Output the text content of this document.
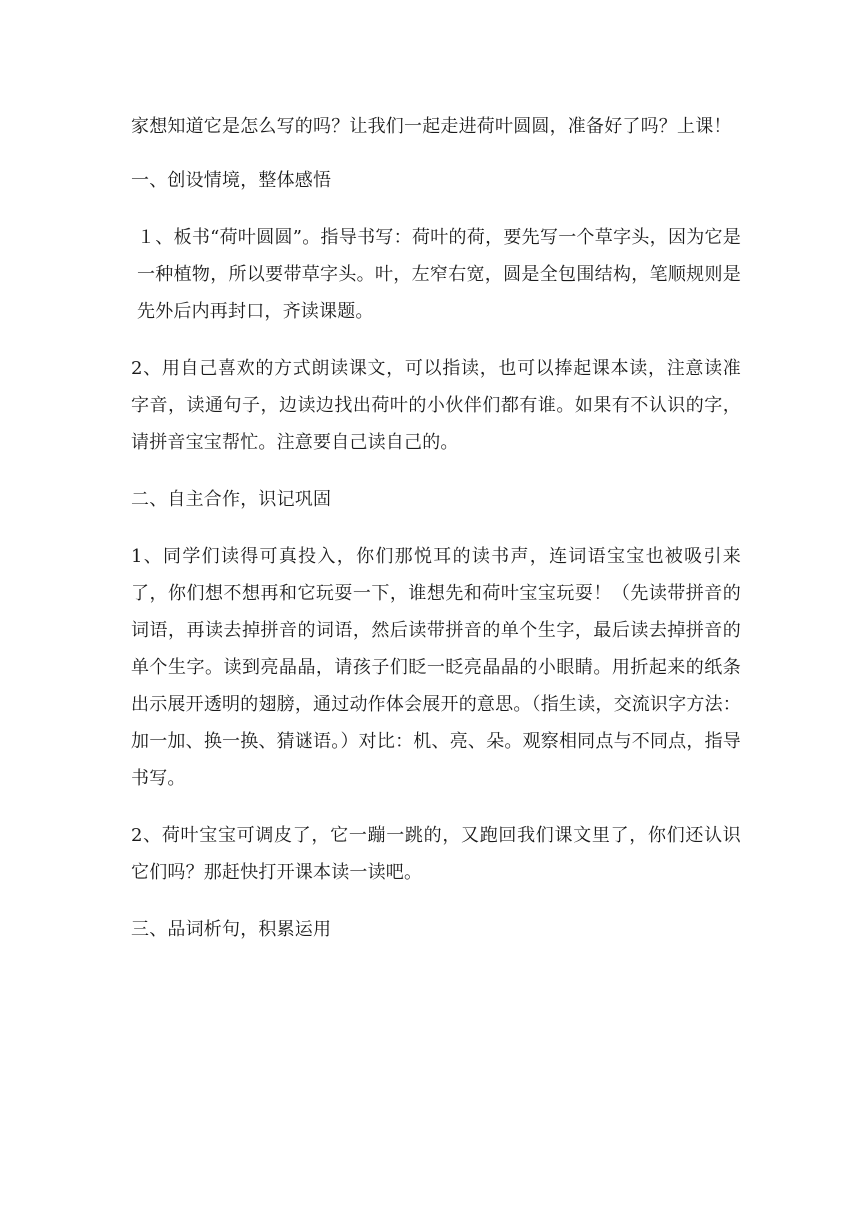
家想知道它是怎么写的吗？让我们一起走进荷叶圆圆，准备好了吗？上课！

一、创设情境，整体感悟

１、板书“荷叶圆圆”。指导书写：荷叶的荷，要先写一个草字头，因为它是一种植物，所以要带草字头。叶，左窄右宽，圆是全包围结构，笔顺规则是先外后内再封口，齐读课题。

2、用自己喜欢的方式朗读课文，可以指读，也可以捧起课本读，注意读准字音，读通句子，边读边找出荷叶的小伙伴们都有谁。如果有不认识的字，请拼音宝宝帮忙。注意要自己读自己的。

二、自主合作，识记巩固

1、同学们读得可真投入，你们那悦耳的读书声，连词语宝宝也被吸引来了，你们想不想再和它玩耍一下，谁想先和荷叶宝宝玩耍！（先读带拼音的词语，再读去掉拼音的词语，然后读带拼音的单个生字，最后读去掉拼音的单个生字。读到亮晶晶，请孩子们眨一眨亮晶晶的小眼睛。用折起来的纸条出示展开透明的翅膀，通过动作体会展开的意思。（指生读，交流识字方法：加一加、换一换、猜谜语。）对比：机、亮、朵。观察相同点与不同点，指导书写。

2、荷叶宝宝可调皮了，它一蹦一跳的，又跑回我们课文里了，你们还认识它们吗？那赶快打开课本读一读吧。

三、品词析句，积累运用
